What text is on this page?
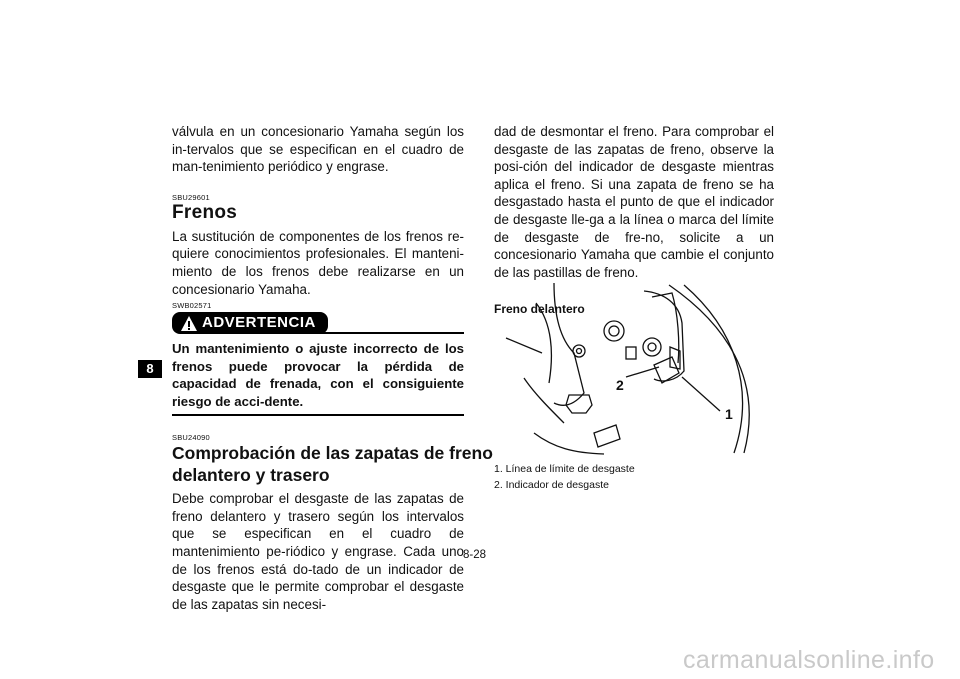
8

válvula en un concesionario Yamaha según los in-tervalos que se especifican en el cuadro de man-tenimiento periódico y engrase.

SBU29601
Frenos

La sustitución de componentes de los frenos re-quiere conocimientos profesionales. El manteni-miento de los frenos debe realizarse en un concesionario Yamaha.

SWB02571
ADVERTENCIA

Un mantenimiento o ajuste incorrecto de los frenos puede provocar la pérdida de capacidad de frenada, con el consiguiente riesgo de acci-dente.

SBU24090
Comprobación de las zapatas de freno
delantero y trasero

Debe comprobar el desgaste de las zapatas de freno delantero y trasero según los intervalos que se especifican en el cuadro de mantenimiento pe-riódico y engrase. Cada uno de los frenos está do-tado de un indicador de desgaste que le permite comprobar el desgaste de las zapatas sin necesi-

dad de desmontar el freno. Para comprobar el desgaste de las zapatas de freno, observe la posi-ción del indicador de desgaste mientras aplica el freno. Si una zapata de freno se ha desgastado hasta el punto de que el indicador de desgaste lle-ga a la línea o marca del límite de desgaste de fre-no, solicite a un concesionario Yamaha que cambie el conjunto de las pastillas de freno.

Freno delantero
2
1
1. Línea de límite de desgaste
2. Indicador de desgaste
8-28
carmanualsonline.info
